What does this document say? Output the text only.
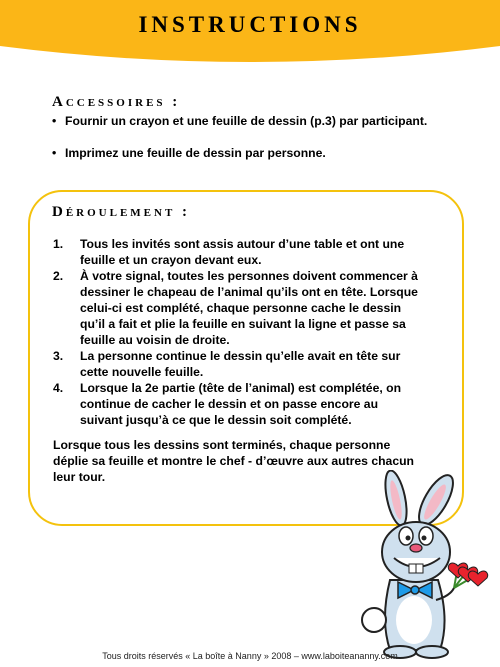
INSTRUCTIONS
Accessoires :
• Fournir un crayon et une feuille de dessin (p.3) par participant.
• Imprimez une feuille de dessin par personne.
Déroulement :
1. Tous les invités sont assis autour d’une table et ont une feuille et un crayon devant eux.
2. À votre signal, toutes les personnes doivent commencer à dessiner le chapeau de l’animal qu’ils ont en tête. Lorsque celui-ci est complété, chaque personne cache le dessin qu’il a fait et plie la feuille en suivant la ligne et passe sa feuille au voisin de droite.
3. La personne continue le dessin qu’elle avait en tête sur cette nouvelle feuille.
4. Lorsque la 2e partie (tête de l’animal) est complétée, on continue de cacher le dessin et on passe encore au suivant jusqu’à ce que le dessin soit complété.
Lorsque tous les dessins sont terminés, chaque personne déplie sa feuille et montre le chef - d’œuvre aux autres chacun leur tour.
Tous droits réservés « La boîte à Nanny » 2008 – www.laboiteananny.com
